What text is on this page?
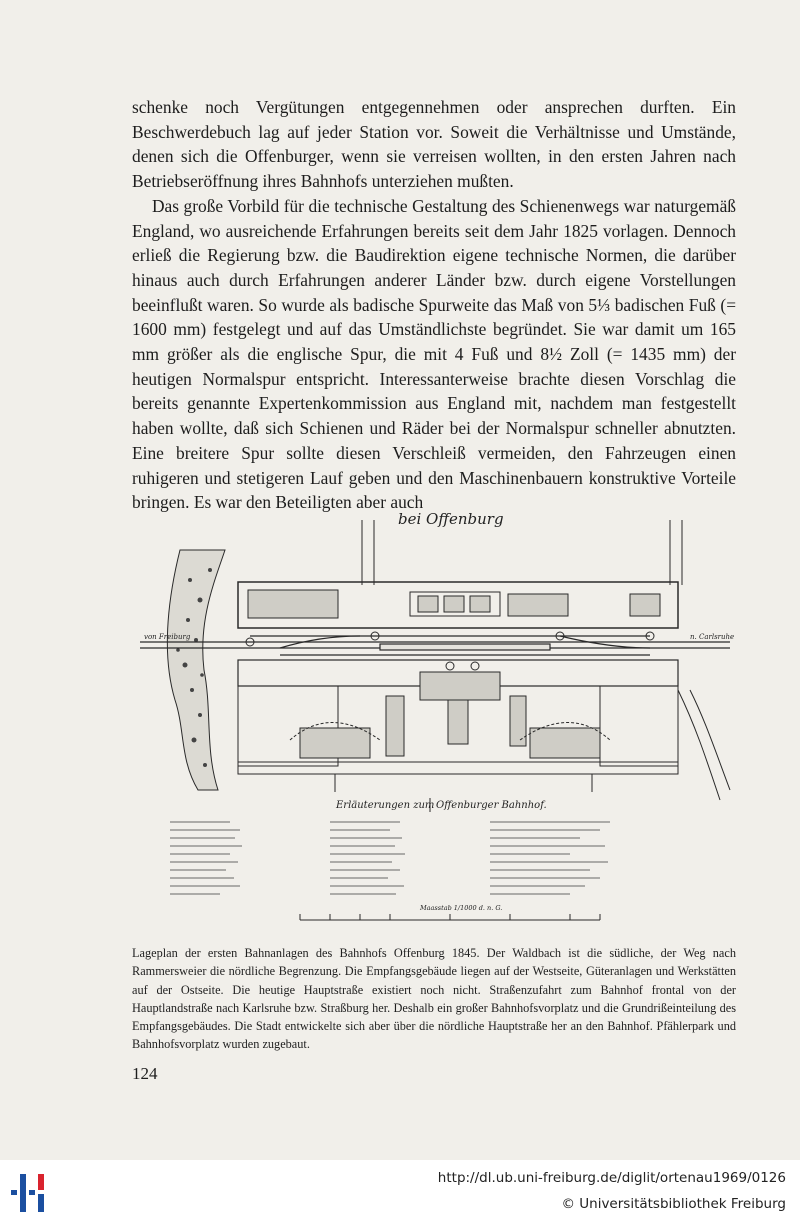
schenke noch Vergütungen entgegennehmen oder ansprechen durften. Ein Beschwerdebuch lag auf jeder Station vor. Soweit die Verhältnisse und Umstände, denen sich die Offenburger, wenn sie verreisen wollten, in den ersten Jahren nach Betriebseröffnung ihres Bahnhofs unterziehen mußten.

Das große Vorbild für die technische Gestaltung des Schienenwegs war naturgemäß England, wo ausreichende Erfahrungen bereits seit dem Jahr 1825 vorlagen. Dennoch erließ die Regierung bzw. die Baudirektion eigene technische Normen, die darüber hinaus auch durch Erfahrungen anderer Länder bzw. durch eigene Vorstellungen beeinflußt waren. So wurde als badische Spurweite das Maß von 5⅓ badischen Fuß (= 1600 mm) festgelegt und auf das Umständlichste begründet. Sie war damit um 165 mm größer als die englische Spur, die mit 4 Fuß und 8½ Zoll (= 1435 mm) der heutigen Normalspur entspricht. Interessanterweise brachte diesen Vorschlag die bereits genannte Expertenkommission aus England mit, nachdem man festgestellt haben wollte, daß sich Schienen und Räder bei der Normalspur schneller abnutzten. Eine breitere Spur sollte diesen Verschleiß vermeiden, den Fahrzeugen einen ruhigeren und stetigeren Lauf geben und den Maschinenbauern konstruktive Vorteile bringen. Es war den Beteiligten aber auch

bei Offenburg
von Freiburg	n. Carlsruhe
Erläuterungen zum Offenburger Bahnhof.
Maasstab 1/1000 d. n. G.
Lageplan der ersten Bahnanlagen des Bahnhofs Offenburg 1845. Der Waldbach ist die südliche, der Weg nach Rammersweier die nördliche Begrenzung. Die Empfangsgebäude liegen auf der Westseite, Güteranlagen und Werkstätten auf der Ostseite. Die heutige Hauptstraße existiert noch nicht. Straßenzufahrt zum Bahnhof frontal von der Hauptlandstraße nach Karlsruhe bzw. Straßburg her. Deshalb ein großer Bahnhofsvorplatz und die Grundrißeinteilung des Empfangsgebäudes. Die Stadt entwickelte sich aber über die nördliche Hauptstraße her an den Bahnhof. Pfählerpark und Bahnhofsvorplatz wurden zugebaut.
124
http://dl.ub.uni-freiburg.de/diglit/ortenau1969/0126
© Universitätsbibliothek Freiburg
